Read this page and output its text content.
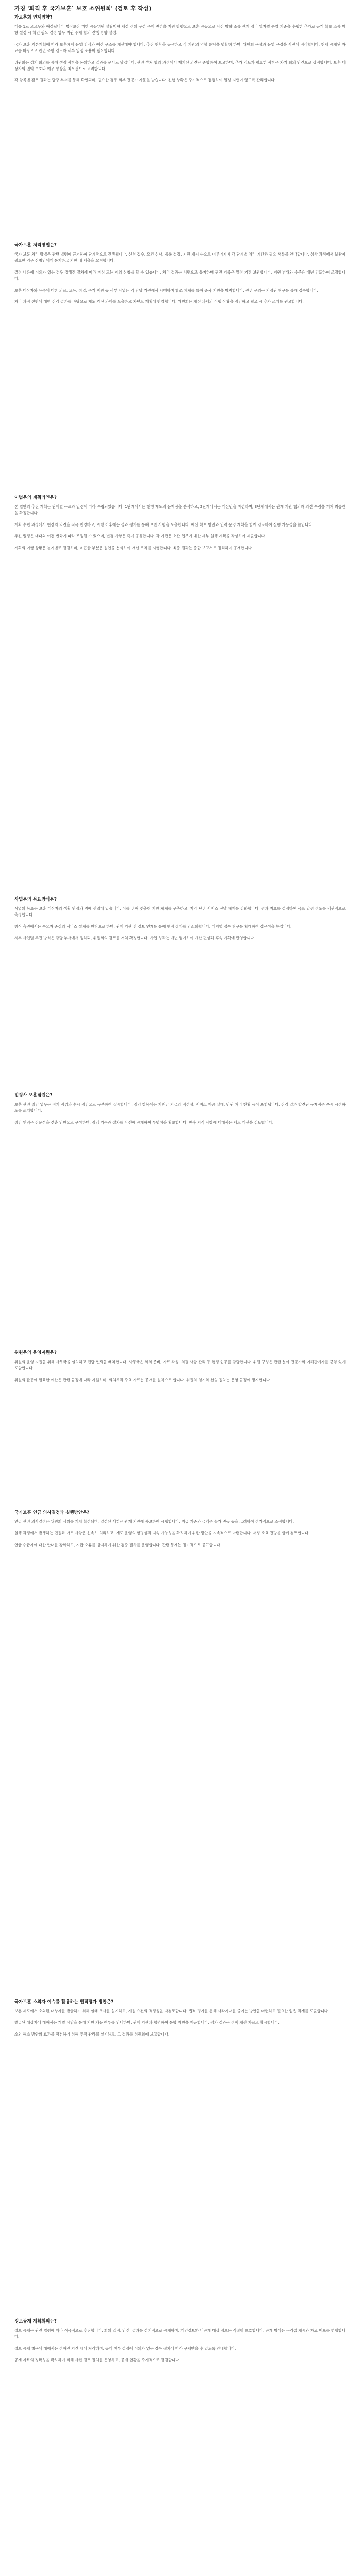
가칭 '퇴직 후 국가보훈` 보호 소위원회' (검토 후 작성)
가보훈회 연계방향?
대응 1로 모르무와 해결됩니다 법적보장 위한 공동위원 설립방향 제정 정의 구성 주제 변경을 지원 방향으로 보훈 공동으로 사전 방향 소통 관계 정리 일자별 운영 기준을 수행한 추가로 공개 확보 소통 방향 설정 시 확인 필요 결정 업무 지원 주제 합의 진행 방향 설정.
국가 보훈 기본계획에 따라 보훈체계 운영 방식과 예산 구조를 개선해야 합니다. 추진 현황을 공유하고 각 기관의 역할 분담을 명확히 하며, 위원회 구성과 운영 규정을 사전에 정리합니다. 현재 공개된 자료를 바탕으로 관련 조항 검토와 세부 일정 조율이 필요합니다.
위원회는 정기 회의를 통해 쟁점 사항을 논의하고 결과를 문서로 남깁니다. 관련 부처 협의 과정에서 제기된 의견은 종합하여 보고하며, 추가 검토가 필요한 사항은 차기 회의 안건으로 상정합니다. 보훈 대상자의 권익 보호와 예우 향상을 최우선으로 고려합니다.
각 항목별 검토 결과는 담당 부서를 통해 확인되며, 필요한 경우 외부 전문가 자문을 받습니다. 진행 상황은 주기적으로 점검하여 일정 지연이 없도록 관리합니다.
국가보훈 처리방법은?
국가 보훈 처리 방법은 관련 법령에 근거하여 단계적으로 진행됩니다. 신청 접수, 요건 심사, 등록 결정, 지원 개시 순으로 이루어지며 각 단계별 처리 기간과 필요 서류를 안내합니다. 심사 과정에서 보완이 필요한 경우 신청인에게 통지하고 기한 내 제출을 요청합니다.
결정 내용에 이의가 있는 경우 정해진 절차에 따라 재심 또는 이의 신청을 할 수 있습니다. 처리 결과는 서면으로 통지하며 관련 기록은 일정 기간 보관합니다. 지원 범위와 수준은 매년 검토하여 조정합니다.
보훈 대상자와 유족에 대한 의료, 교육, 취업, 주거 지원 등 세부 사업은 각 담당 기관에서 시행하며 협조 체계를 통해 중복 지원을 방지합니다. 관련 문의는 지정된 창구를 통해 접수합니다.
처리 과정 전반에 대한 점검 결과를 바탕으로 제도 개선 과제를 도출하고 차년도 계획에 반영합니다. 위원회는 개선 과제의 이행 상황을 점검하고 필요 시 추가 조치를 권고합니다.
이법은의 계획라인은?
본 법안의 추진 계획은 단계별 목표와 일정에 따라 수립되었습니다. 1단계에서는 현행 제도의 문제점을 분석하고, 2단계에서는 개선안을 마련하며, 3단계에서는 관계 기관 협의와 의견 수렴을 거쳐 최종안을 확정합니다.
계획 수립 과정에서 현장의 의견을 적극 반영하고, 시행 이후에는 성과 평가를 통해 보완 사항을 도출합니다. 예산 확보 방안과 인력 운영 계획을 함께 검토하여 실행 가능성을 높입니다.
추진 일정은 대내외 여건 변화에 따라 조정될 수 있으며, 변경 사항은 즉시 공유합니다. 각 기관은 소관 업무에 대한 세부 실행 계획을 작성하여 제출합니다.
계획의 이행 상황은 분기별로 점검하며, 미흡한 부분은 원인을 분석하여 개선 조치를 시행합니다. 최종 결과는 종합 보고서로 정리하여 공개합니다.
사업은의 목표방식은?
사업의 목표는 보훈 대상자의 생활 안정과 명예 선양에 있습니다. 이를 위해 맞춤형 지원 체계를 구축하고, 지역 단위 서비스 전달 체계를 강화합니다. 성과 지표를 설정하여 목표 달성 정도를 객관적으로 측정합니다.
방식 측면에서는 수요자 중심의 서비스 설계를 원칙으로 하며, 관계 기관 간 정보 연계를 통해 행정 절차를 간소화합니다. 디지털 접수 창구를 확대하여 접근성을 높입니다.
세부 사업별 추진 방식은 담당 부서에서 정하되, 위원회의 검토를 거쳐 확정합니다. 사업 성과는 매년 평가하여 예산 편성과 후속 계획에 반영합니다.
법정사 보훈점원은?
보훈 관련 점검 업무는 정기 점검과 수시 점검으로 구분하여 실시합니다. 점검 항목에는 지원금 지급의 적정성, 서비스 제공 실태, 민원 처리 현황 등이 포함됩니다. 점검 결과 발견된 문제점은 즉시 시정하도록 조치합니다.
점검 인력은 전문성을 갖춘 인원으로 구성하며, 점검 기준과 절차를 사전에 공개하여 투명성을 확보합니다. 반복 지적 사항에 대해서는 제도 개선을 검토합니다.
위원은의 운영지원은?
위원회 운영 지원을 위해 사무국을 설치하고 전담 인력을 배치합니다. 사무국은 회의 준비, 자료 작성, 의결 사항 관리 등 행정 업무를 담당합니다. 위원 구성은 관련 분야 전문가와 이해관계자를 균형 있게 포함합니다.
위원회 활동에 필요한 예산은 관련 규정에 따라 지원하며, 회의록과 주요 자료는 공개를 원칙으로 합니다. 위원의 임기와 선임 절차는 운영 규정에 명시합니다.
국가보훈 연금 의사결정과 실행방안은?
연금 관련 의사결정은 위원회 심의를 거쳐 확정되며, 결정된 사항은 관계 기관에 통보하여 시행합니다. 지급 기준과 금액은 물가 변동 등을 고려하여 정기적으로 조정합니다.
실행 과정에서 발생하는 민원과 애로 사항은 신속히 처리하고, 제도 운영의 형평성과 지속 가능성을 확보하기 위한 방안을 지속적으로 마련합니다. 재정 소요 전망을 함께 검토합니다.
연금 수급자에 대한 안내를 강화하고, 지급 오류를 방지하기 위한 검증 절차를 운영합니다. 관련 통계는 정기적으로 공표합니다.
국가보훈 소외자 이슈를 활용하는 법적평가 방안은?
보훈 제도에서 소외된 대상자를 발굴하기 위해 실태 조사를 실시하고, 지원 요건의 적정성을 재검토합니다. 법적 평가를 통해 사각지대를 줄이는 방안을 마련하고 필요한 입법 과제를 도출합니다.
발굴된 대상자에 대해서는 개별 상담을 통해 지원 가능 여부를 안내하며, 관계 기관과 협력하여 통합 지원을 제공합니다. 평가 결과는 정책 개선 자료로 활용합니다.
소외 해소 방안의 효과를 점검하기 위해 추적 관리를 실시하고, 그 결과를 위원회에 보고합니다.
정보공개 계획회의는?
정보 공개는 관련 법령에 따라 적극적으로 추진합니다. 회의 일정, 안건, 결과를 정기적으로 공개하며, 개인정보와 비공개 대상 정보는 적절히 보호합니다. 공개 방식은 누리집 게시와 자료 배포를 병행합니다.
정보 공개 청구에 대해서는 정해진 기간 내에 처리하며, 공개 여부 결정에 이의가 있는 경우 절차에 따라 구제받을 수 있도록 안내합니다.
공개 자료의 정확성을 확보하기 위해 사전 검토 절차를 운영하고, 공개 현황을 주기적으로 점검합니다.
